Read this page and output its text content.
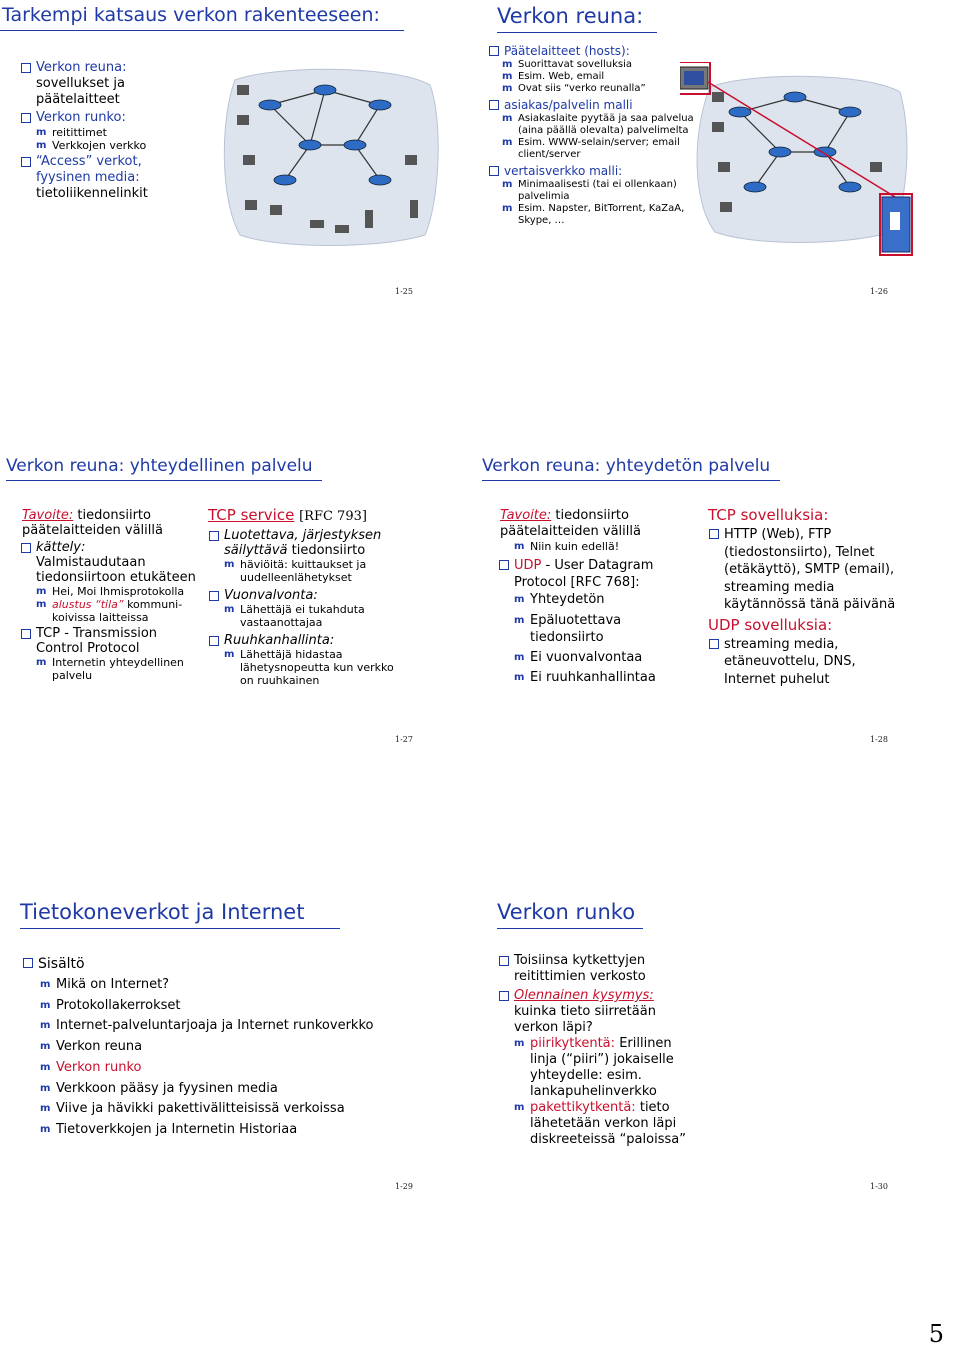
Tarkempi katsaus verkon rakenteeseen:
Verkon reuna:
sovellukset ja päätelaitteet
Verkon runko:
m reitittimet
m Verkkojen verkko
“Access” verkot, fyysinen media:
tietoliikennelinkit
1-25
Verkon reuna:
Päätelaitteet (hosts):
m Suorittavat sovelluksia
m Esim. Web, email
m Ovat siis “verko reunalla”
asiakas/palvelin malli
m Asiakaslaite pyytää ja saa palvelua (aina päällä olevalta) palvelimelta
m Esim. WWW-selain/server; email client/server
vertaisverkko malli:
m Minimaalisesti (tai ei ollenkaan) palvelimia
m Esim. Napster, BitTorrent, KaZaA, Skype, …
1-26
Verkon reuna: yhteydellinen palvelu
Tavoite: tiedonsiirto päätelaitteiden välillä
kättely:
Valmistaudutaan tiedonsiirtoon etukäteen
m Hei, Moi Ihmisprotokolla
m alustus “tila” kommuni-koivissa laitteissa
TCP - Transmission Control Protocol
m Internetin yhteydellinen palvelu
TCP service [RFC 793]
Luotettava, järjestyksen säilyttävä tiedonsiirto
m häviöitä: kuittaukset ja uudelleenlähetykset
Vuonvalvonta:
m Lähettäjä ei tukahduta vastaanottajaa
Ruuhkanhallinta:
m Lähettäjä hidastaa lähetysnopeutta kun verkko on ruuhkainen
1-27
Verkon reuna: yhteydetön palvelu
Tavoite: tiedonsiirto päätelaitteiden välillä
m Niin kuin edellä!
UDP - User Datagram Protocol [RFC 768]:
m Yhteydetön
m Epäluotettava tiedonsiirto
m Ei vuonvalvontaa
m Ei ruuhkanhallintaa
TCP sovelluksia:
HTTP (Web), FTP (tiedostonsiirto), Telnet (etäkäyttö), SMTP (email), streaming media käytännössä tänä päivänä
UDP sovelluksia:
streaming media, etäneuvottelu, DNS, Internet puhelut
1-28
Tietokoneverkot ja Internet
Sisältö
m Mikä on Internet?
m Protokollakerrokset
m Internet-palveluntarjoaja ja Internet runkoverkko
m Verkon reuna
m Verkon runko
m Verkkoon pääsy ja fyysinen media
m Viive ja hävikki pakettivälitteisissä verkoissa
m Tietoverkkojen ja Internetin Historiaa
1-29
Verkon runko
Toisiinsa kytkettyjen reitittimien verkosto
Olennainen kysymys: kuinka tieto siirretään verkon läpi?
m piirikytkentä: Erillinen linja (“piiri”) jokaiselle yhteydelle: esim. lankapuhelinverkko
m pakettikytkentä: tieto lähetetään verkon läpi diskreeteissä “paloissa”
1-30
5
